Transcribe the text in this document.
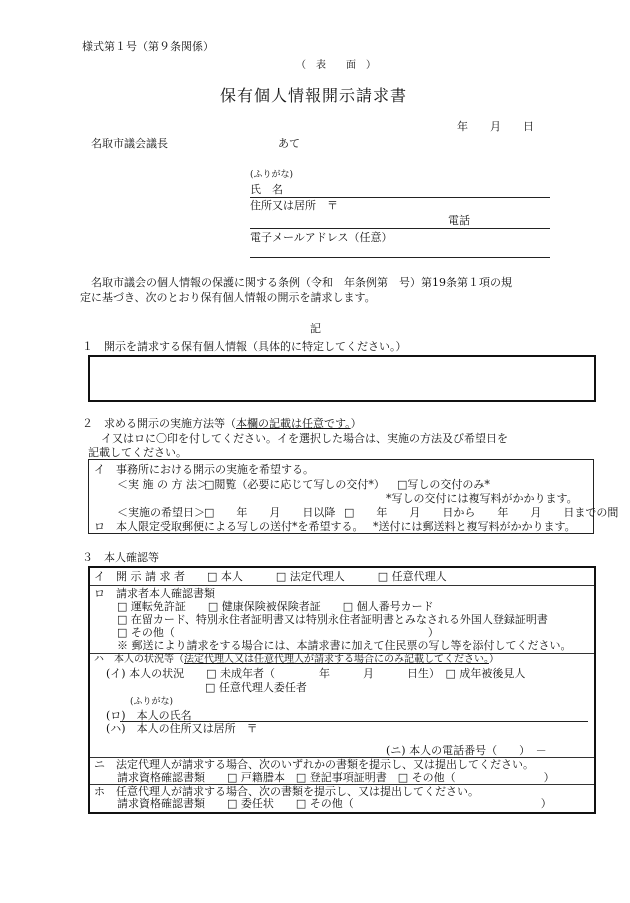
様式第１号（第９条関係）
（　表　　面　）
保有個人情報開示請求書
年　　月　　日
名取市議会議長	あて
(ふりがな)
氏　名
住所又は居所　〒
電話
電子メールアドレス（任意）
名取市議会の個人情報の保護に関する条例（令和　年条例第　号）第19条第１項の規
定に基づき、次のとおり保有個人情報の開示を請求します。
記
１　開示を請求する保有個人情報（具体的に特定してください。）
２　求める開示の実施方法等（本欄の記載は任意です。）
イ又はロに〇印を付してください。イを選択した場合は、実施の方法及び希望日を
記載してください。
イ　事務所における開示の実施を希望する。
＜実 施 の 方 法＞
□閲覧（必要に応じて写しの交付*） □写しの交付のみ*
*写しの交付には複写料がかかります。
＜実施の希望日＞ □　　年　　月　　日以降 □　　年　　月　　日から　　年　　月　　日までの間
ロ　本人限定受取郵便による写しの送付*を希望する。 *送付には郵送料と複写料がかかります。
３　本人確認等
イ　開 示 請 求 者　　□ 本人　　　□ 法定代理人　　　□ 任意代理人
ロ　請求者本人確認書類
□ 運転免許証　　□ 健康保険被保険者証　　□ 個人番号カード
□ 在留カード、特別永住者証明書又は特別永住者証明書とみなされる外国人登録証明書
□ その他（　　　　　　　　　　　　　　　　　　　　　　　）
※ 郵送により請求をする場合には、本請求書に加えて住民票の写し等を添付してください。
ハ　本人の状況等（法定代理人又は任意代理人が請求する場合にのみ記載してください。）
(イ) 本人の状況　　□ 未成年者（　　　　年　　　月　　　日生）　□ 成年被後見人
□ 任意代理人委任者
(ふりがな)
(ロ)　本人の氏名
(ハ)　本人の住所又は居所　〒
(ニ) 本人の電話番号（　　）　－
ニ　法定代理人が請求する場合、次のいずれかの書類を提示し、又は提出してください。
請求資格確認書類　　□ 戸籍謄本　□ 登記事項証明書　□ その他（　　　　　　　　）
ホ　任意代理人が請求する場合、次の書類を提示し、又は提出してください。
請求資格確認書類　　□ 委任状　　□ その他（　　　　　　　　　　　　　　　　　）
